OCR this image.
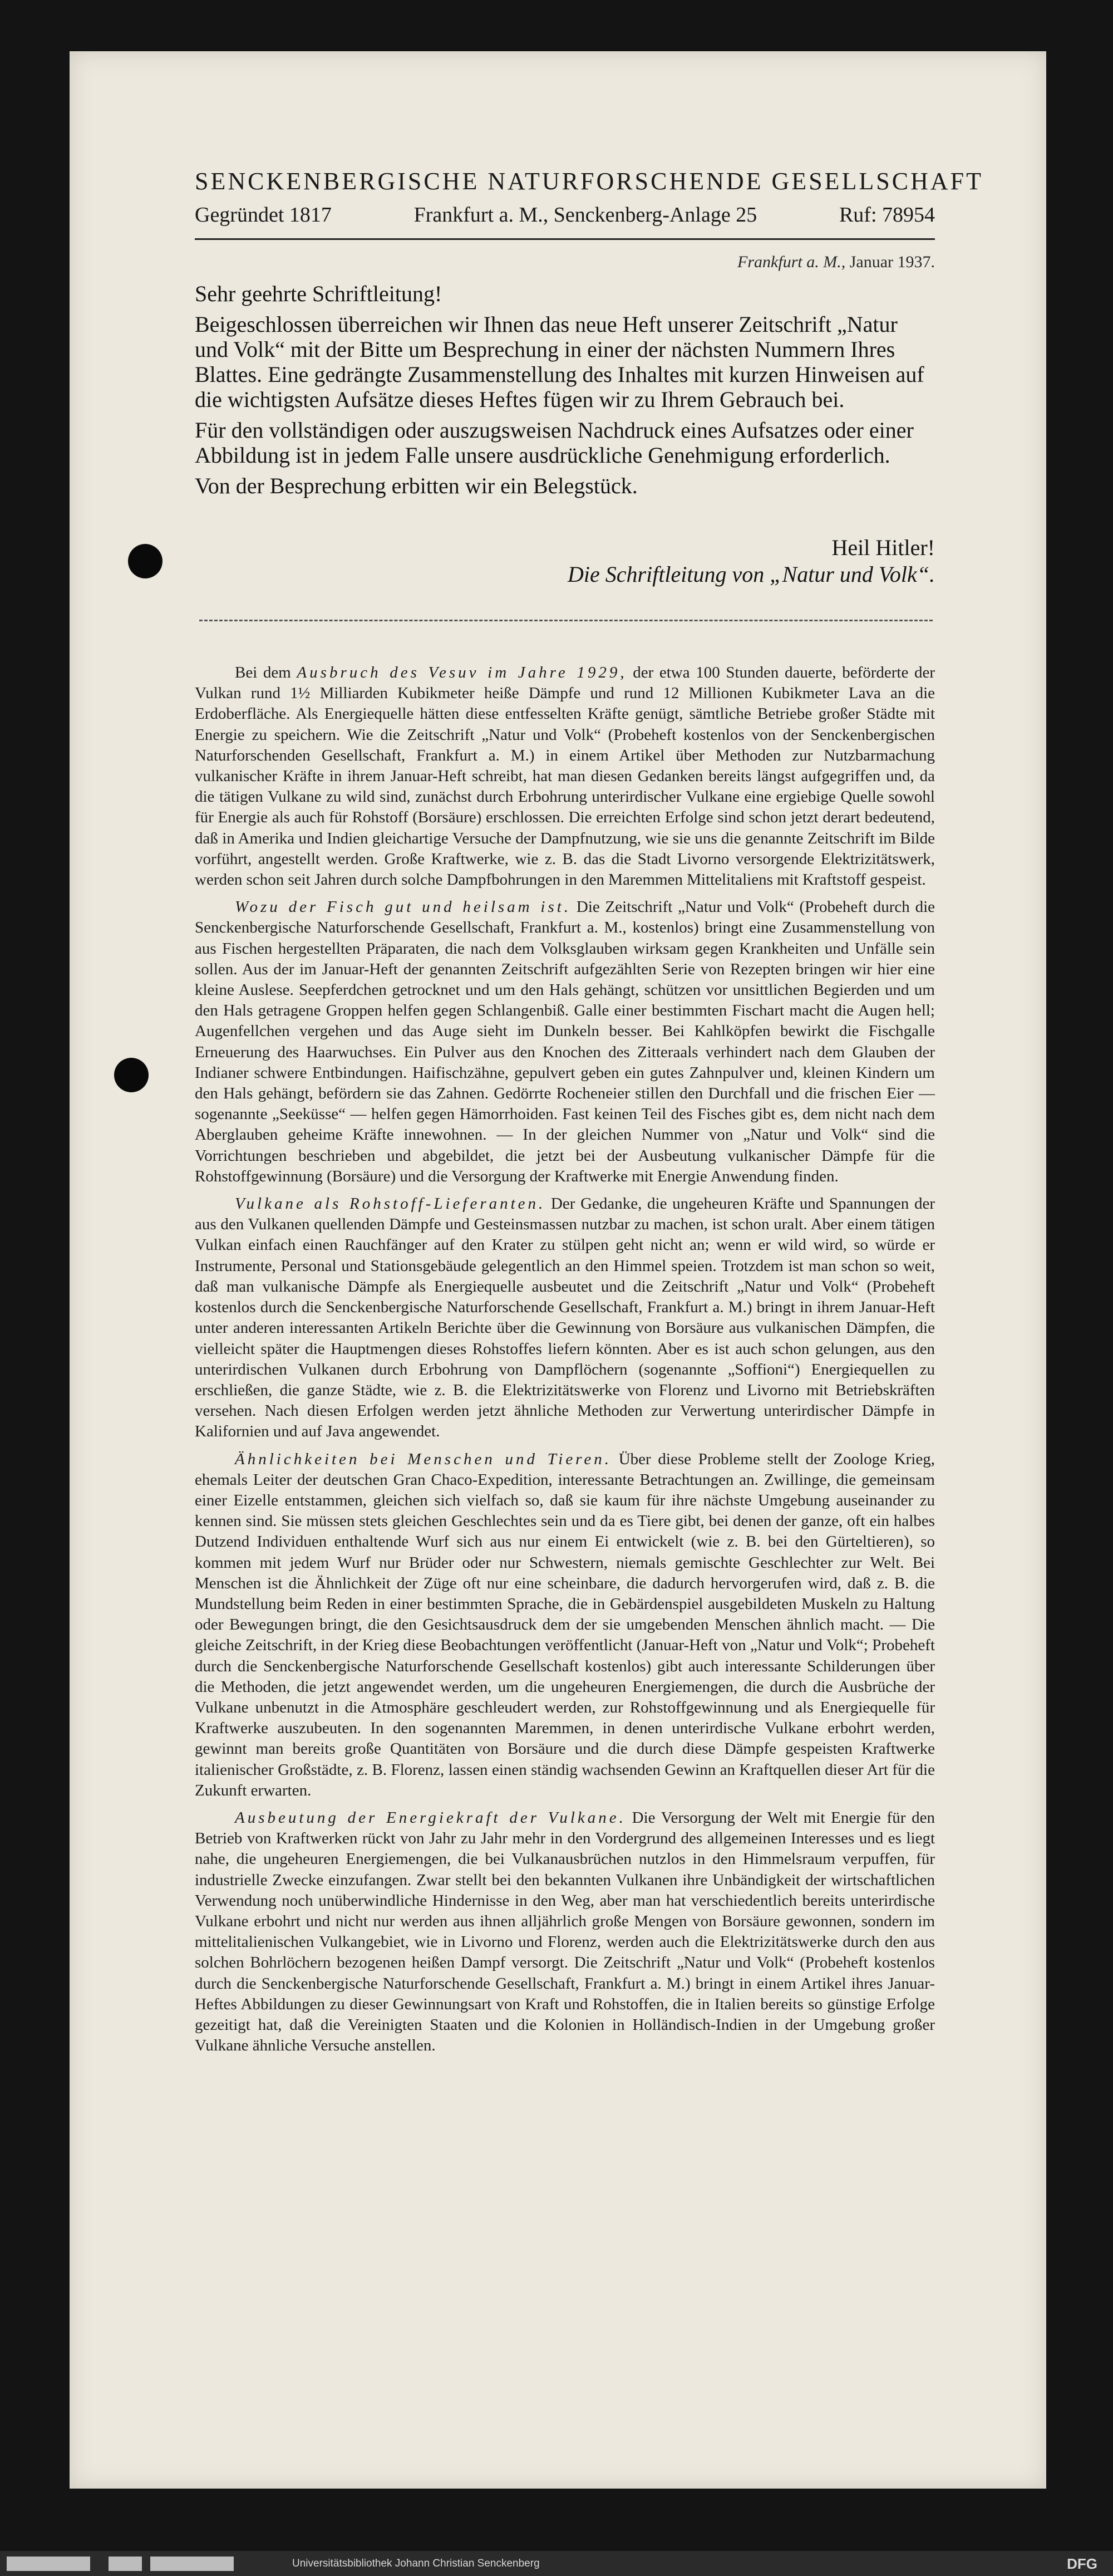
SENCKENBERGISCHE NATURFORSCHENDE GESELLSCHAFT
Gegründet 1817	Frankfurt a. M., Senckenberg-Anlage 25	Ruf: 78954
Frankfurt a. M., Januar 1937.

Sehr geehrte Schriftleitung!

Beigeschlossen überreichen wir Ihnen das neue Heft unserer Zeitschrift „Natur und Volk“ mit der Bitte um Besprechung in einer der nächsten Nummern Ihres Blattes. Eine gedrängte Zusammenstellung des Inhaltes mit kurzen Hinweisen auf die wichtigsten Aufsätze dieses Heftes fügen wir zu Ihrem Gebrauch bei.

Für den vollständigen oder auszugsweisen Nachdruck eines Aufsatzes oder einer Abbildung ist in jedem Falle unsere ausdrückliche Genehmigung erforderlich.

Von der Besprechung erbitten wir ein Belegstück.

Heil Hitler!
Die Schriftleitung von „Natur und Volk“.

Bei dem Ausbruch des Vesuv im Jahre 1929, der etwa 100 Stunden dauerte, beförderte der Vulkan rund 1½ Milliarden Kubikmeter heiße Dämpfe und rund 12 Millionen Kubikmeter Lava an die Erdoberfläche. Als Energiequelle hätten diese entfesselten Kräfte genügt, sämtliche Betriebe großer Städte mit Energie zu speichern. Wie die Zeitschrift „Natur und Volk“ (Probeheft kostenlos von der Senckenbergischen Naturforschenden Gesellschaft, Frankfurt a. M.) in einem Artikel über Methoden zur Nutzbarmachung vulkanischer Kräfte in ihrem Januar-Heft schreibt, hat man diesen Gedanken bereits längst aufgegriffen und, da die tätigen Vulkane zu wild sind, zunächst durch Erbohrung unterirdischer Vulkane eine ergiebige Quelle sowohl für Energie als auch für Rohstoff (Borsäure) erschlossen. Die erreichten Erfolge sind schon jetzt derart bedeutend, daß in Amerika und Indien gleichartige Versuche der Dampfnutzung, wie sie uns die genannte Zeitschrift im Bilde vorführt, angestellt werden. Große Kraftwerke, wie z. B. das die Stadt Livorno versorgende Elektrizitätswerk, werden schon seit Jahren durch solche Dampfbohrungen in den Maremmen Mittelitaliens mit Kraftstoff gespeist.

Wozu der Fisch gut und heilsam ist. Die Zeitschrift „Natur und Volk“ (Probeheft durch die Senckenbergische Naturforschende Gesellschaft, Frankfurt a. M., kostenlos) bringt eine Zusammenstellung von aus Fischen hergestellten Präparaten, die nach dem Volksglauben wirksam gegen Krankheiten und Unfälle sein sollen. Aus der im Januar-Heft der genannten Zeitschrift aufgezählten Serie von Rezepten bringen wir hier eine kleine Auslese. Seepferdchen getrocknet und um den Hals gehängt, schützen vor unsittlichen Begierden und um den Hals getragene Groppen helfen gegen Schlangenbiß. Galle einer bestimmten Fischart macht die Augen hell; Augenfellchen vergehen und das Auge sieht im Dunkeln besser. Bei Kahlköpfen bewirkt die Fischgalle Erneuerung des Haarwuchses. Ein Pulver aus den Knochen des Zitteraals verhindert nach dem Glauben der Indianer schwere Entbindungen. Haifischzähne, gepulvert geben ein gutes Zahnpulver und, kleinen Kindern um den Hals gehängt, befördern sie das Zahnen. Gedörrte Rocheneier stillen den Durchfall und die frischen Eier — sogenannte „Seeküsse“ — helfen gegen Hämorrhoiden. Fast keinen Teil des Fisches gibt es, dem nicht nach dem Aberglauben geheime Kräfte innewohnen. — In der gleichen Nummer von „Natur und Volk“ sind die Vorrichtungen beschrieben und abgebildet, die jetzt bei der Ausbeutung vulkanischer Dämpfe für die Rohstoffgewinnung (Borsäure) und die Versorgung der Kraftwerke mit Energie Anwendung finden.

Vulkane als Rohstoff-Lieferanten. Der Gedanke, die ungeheuren Kräfte und Spannungen der aus den Vulkanen quellenden Dämpfe und Gesteinsmassen nutzbar zu machen, ist schon uralt. Aber einem tätigen Vulkan einfach einen Rauchfänger auf den Krater zu stülpen geht nicht an; wenn er wild wird, so würde er Instrumente, Personal und Stationsgebäude gelegentlich an den Himmel speien. Trotzdem ist man schon so weit, daß man vulkanische Dämpfe als Energiequelle ausbeutet und die Zeitschrift „Natur und Volk“ (Probeheft kostenlos durch die Senckenbergische Naturforschende Gesellschaft, Frankfurt a. M.) bringt in ihrem Januar-Heft unter anderen interessanten Artikeln Berichte über die Gewinnung von Borsäure aus vulkanischen Dämpfen, die vielleicht später die Hauptmengen dieses Rohstoffes liefern könnten. Aber es ist auch schon gelungen, aus den unterirdischen Vulkanen durch Erbohrung von Dampflöchern (sogenannte „Soffioni“) Energiequellen zu erschließen, die ganze Städte, wie z. B. die Elektrizitätswerke von Florenz und Livorno mit Betriebskräften versehen. Nach diesen Erfolgen werden jetzt ähnliche Methoden zur Verwertung unterirdischer Dämpfe in Kalifornien und auf Java angewendet.

Ähnlichkeiten bei Menschen und Tieren. Über diese Probleme stellt der Zoologe Krieg, ehemals Leiter der deutschen Gran Chaco-Expedition, interessante Betrachtungen an. Zwillinge, die gemeinsam einer Eizelle entstammen, gleichen sich vielfach so, daß sie kaum für ihre nächste Umgebung auseinander zu kennen sind. Sie müssen stets gleichen Geschlechtes sein und da es Tiere gibt, bei denen der ganze, oft ein halbes Dutzend Individuen enthaltende Wurf sich aus nur einem Ei entwickelt (wie z. B. bei den Gürteltieren), so kommen mit jedem Wurf nur Brüder oder nur Schwestern, niemals gemischte Geschlechter zur Welt. Bei Menschen ist die Ähnlichkeit der Züge oft nur eine scheinbare, die dadurch hervorgerufen wird, daß z. B. die Mundstellung beim Reden in einer bestimmten Sprache, die in Gebärdenspiel ausgebildeten Muskeln zu Haltung oder Bewegungen bringt, die den Gesichtsausdruck dem der sie umgebenden Menschen ähnlich macht. — Die gleiche Zeitschrift, in der Krieg diese Beobachtungen veröffentlicht (Januar-Heft von „Natur und Volk“; Probeheft durch die Senckenbergische Naturforschende Gesellschaft kostenlos) gibt auch interessante Schilderungen über die Methoden, die jetzt angewendet werden, um die ungeheuren Energiemengen, die durch die Ausbrüche der Vulkane unbenutzt in die Atmosphäre geschleudert werden, zur Rohstoffgewinnung und als Energiequelle für Kraftwerke auszubeuten. In den sogenannten Maremmen, in denen unterirdische Vulkane erbohrt werden, gewinnt man bereits große Quantitäten von Borsäure und die durch diese Dämpfe gespeisten Kraftwerke italienischer Großstädte, z. B. Florenz, lassen einen ständig wachsenden Gewinn an Kraftquellen dieser Art für die Zukunft erwarten.

Ausbeutung der Energiekraft der Vulkane. Die Versorgung der Welt mit Energie für den Betrieb von Kraftwerken rückt von Jahr zu Jahr mehr in den Vordergrund des allgemeinen Interesses und es liegt nahe, die ungeheuren Energiemengen, die bei Vulkanausbrüchen nutzlos in den Himmelsraum verpuffen, für industrielle Zwecke einzufangen. Zwar stellt bei den bekannten Vulkanen ihre Unbändigkeit der wirtschaftlichen Verwendung noch unüberwindliche Hindernisse in den Weg, aber man hat verschiedentlich bereits unterirdische Vulkane erbohrt und nicht nur werden aus ihnen alljährlich große Mengen von Borsäure gewonnen, sondern im mittelitalienischen Vulkangebiet, wie in Livorno und Florenz, werden auch die Elektrizitätswerke durch den aus solchen Bohrlöchern bezogenen heißen Dampf versorgt. Die Zeitschrift „Natur und Volk“ (Probeheft kostenlos durch die Senckenbergische Naturforschende Gesellschaft, Frankfurt a. M.) bringt in einem Artikel ihres Januar-Heftes Abbildungen zu dieser Gewinnungsart von Kraft und Rohstoffen, die in Italien bereits so günstige Erfolge gezeitigt hat, daß die Vereinigten Staaten und die Kolonien in Holländisch-Indien in der Umgebung großer Vulkane ähnliche Versuche anstellen.

Universitätsbibliothek Johann Christian Senckenberg	DFG
